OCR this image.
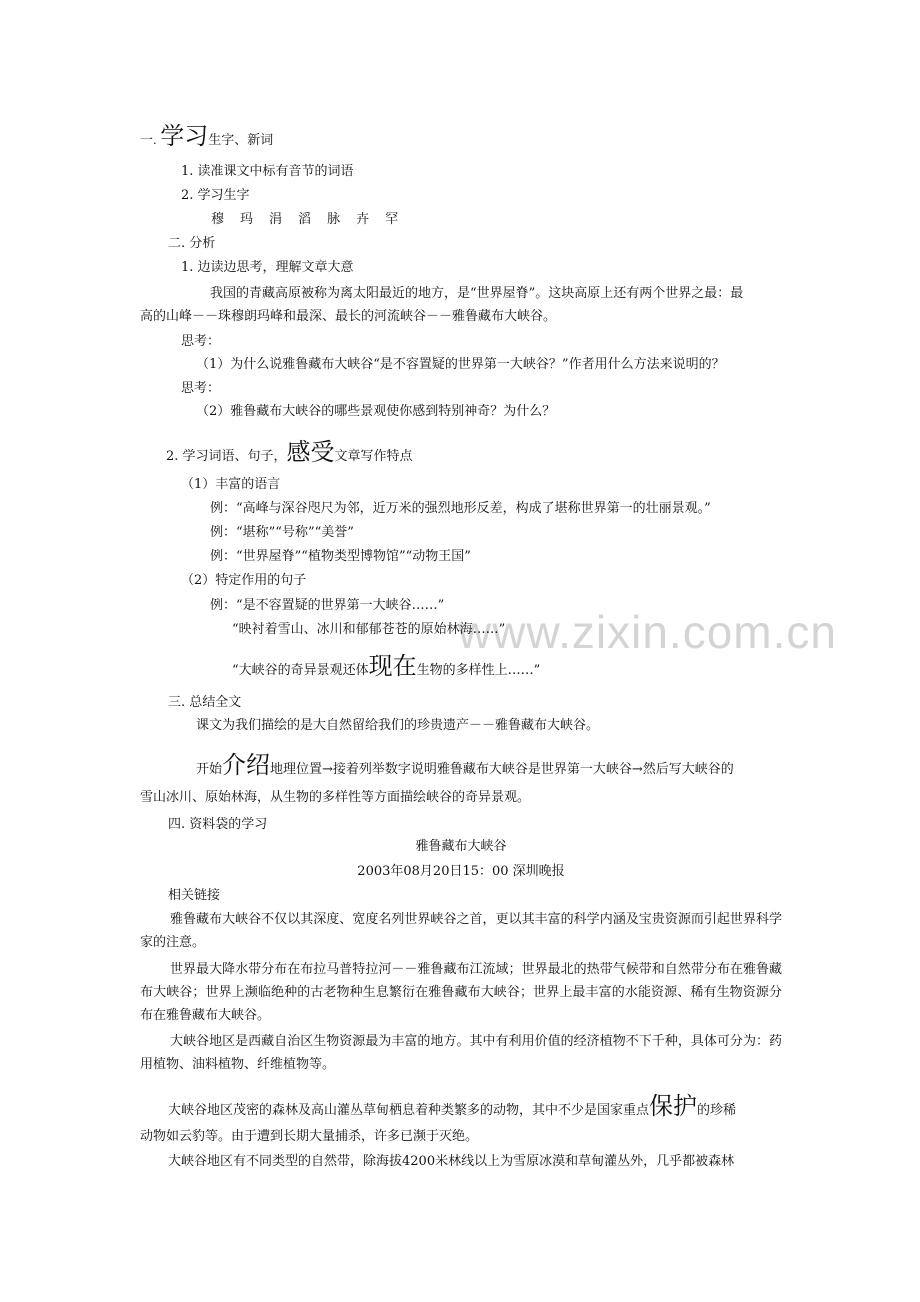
www.zixin.com.cn
一. 学习生字、新词
1. 读准课文中标有音节的词语
2. 学习生字
穆 玛 涓 滔 脉 卉 罕
二. 分析
1. 边读边思考，理解文章大意
我国的青藏高原被称为离太阳最近的地方，是“世界屋脊”。这块高原上还有两个世界之最：最
高的山峰－－珠穆朗玛峰和最深、最长的河流峡谷－－雅鲁藏布大峡谷。
思考：
（1）为什么说雅鲁藏布大峡谷“是不容置疑的世界第一大峡谷？”作者用什么方法来说明的？
思考：
（2）雅鲁藏布大峡谷的哪些景观使你感到特别神奇？为什么？
2. 学习词语、句子，感受文章写作特点
（1）丰富的语言
例：“高峰与深谷咫尺为邻，近万米的强烈地形反差，构成了堪称世界第一的壮丽景观。”
例：“堪称”“号称”“美誉”
例：“世界屋脊”“植物类型博物馆”“动物王国”
（2）特定作用的句子
例：“是不容置疑的世界第一大峡谷……”
“映衬着雪山、冰川和郁郁苍苍的原始林海……”
“大峡谷的奇异景观还体现在生物的多样性上……”
三. 总结全文
课文为我们描绘的是大自然留给我们的珍贵遗产－－雅鲁藏布大峡谷。
开始介绍地理位置→接着列举数字说明雅鲁藏布大峡谷是世界第一大峡谷→然后写大峡谷的
雪山冰川、原始林海，从生物的多样性等方面描绘峡谷的奇异景观。
四. 资料袋的学习
雅鲁藏布大峡谷
2003年08月20日15：00 深圳晚报
相关链接
雅鲁藏布大峡谷不仅以其深度、宽度名列世界峡谷之首，更以其丰富的科学内涵及宝贵资源而引起世界科学家的注意。
世界最大降水带分布在布拉马普特拉河－－雅鲁藏布江流域；世界最北的热带气候带和自然带分布在雅鲁藏布大峡谷；世界上濒临绝种的古老物种生息繁衍在雅鲁藏布大峡谷；世界上最丰富的水能资源、稀有生物资源分布在雅鲁藏布大峡谷。
大峡谷地区是西藏自治区生物资源最为丰富的地方。其中有利用价值的经济植物不下千种，具体可分为：药用植物、油料植物、纤维植物等。
大峡谷地区茂密的森林及高山灌丛草甸栖息着种类繁多的动物，其中不少是国家重点保护的珍稀
动物如云豹等。由于遭到长期大量捕杀，许多已濒于灭绝。
大峡谷地区有不同类型的自然带，除海拔4200米林线以上为雪原冰漠和草甸灌丛外，几乎都被森林
